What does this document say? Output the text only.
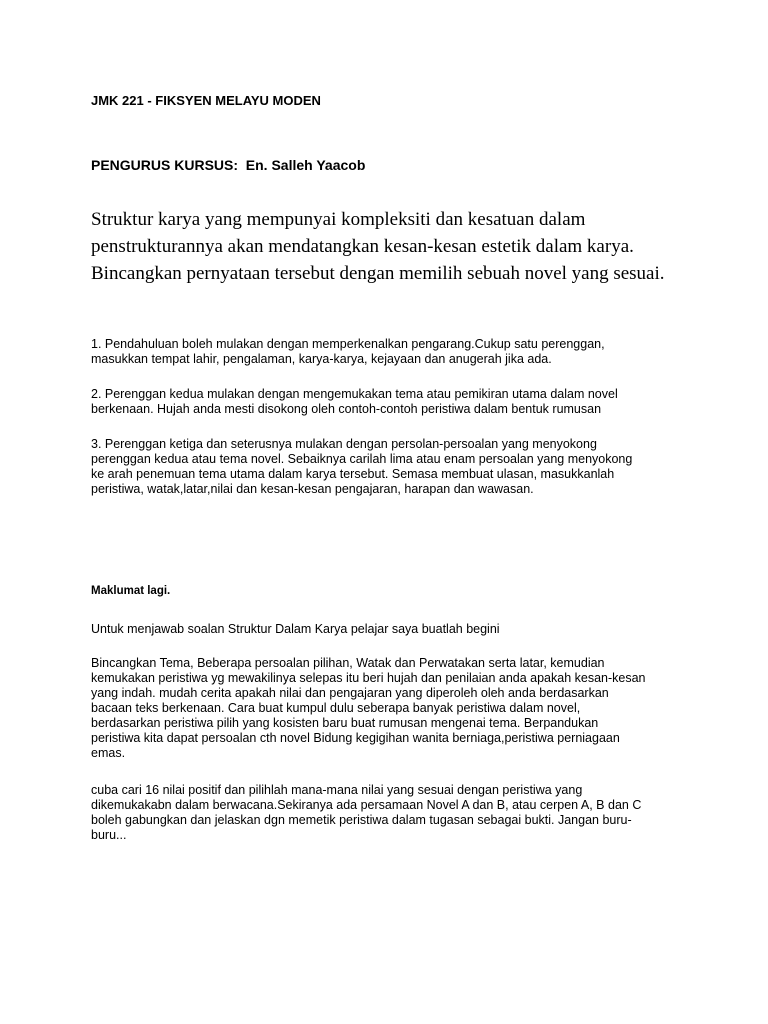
JMK 221 - FIKSYEN MELAYU MODEN
PENGURUS KURSUS:  En. Salleh Yaacob
Struktur karya yang mempunyai kompleksiti dan kesatuan dalam
penstrukturannya akan mendatangkan kesan-kesan estetik dalam karya.
Bincangkan pernyataan tersebut dengan memilih sebuah novel yang sesuai.
1. Pendahuluan boleh mulakan dengan memperkenalkan pengarang.Cukup satu perenggan,
masukkan tempat lahir, pengalaman, karya-karya, kejayaan dan anugerah jika ada.
2. Perenggan kedua mulakan dengan mengemukakan tema atau pemikiran utama dalam novel
berkenaan. Hujah anda mesti disokong oleh contoh-contoh peristiwa dalam bentuk rumusan
3. Perenggan ketiga dan seterusnya mulakan dengan persolan-persoalan yang menyokong
perenggan kedua atau tema novel. Sebaiknya carilah lima atau enam persoalan yang menyokong
ke arah penemuan tema utama dalam karya tersebut. Semasa membuat ulasan, masukkanlah
peristiwa, watak,latar,nilai dan kesan-kesan pengajaran, harapan dan wawasan.
Maklumat lagi.
Untuk menjawab soalan Struktur Dalam Karya pelajar saya buatlah begini
Bincangkan Tema, Beberapa persoalan pilihan, Watak dan Perwatakan serta latar, kemudian
kemukakan peristiwa yg mewakilinya selepas itu beri hujah dan penilaian anda apakah kesan-kesan
yang indah. mudah cerita apakah nilai dan pengajaran yang diperoleh oleh anda berdasarkan
bacaan teks berkenaan. Cara buat kumpul dulu seberapa banyak peristiwa dalam novel,
berdasarkan peristiwa pilih yang kosisten baru buat rumusan mengenai tema. Berpandukan
peristiwa kita dapat persoalan cth novel Bidung kegigihan wanita berniaga,peristiwa perniagaan
emas.
cuba cari 16 nilai positif dan pilihlah mana-mana nilai yang sesuai dengan peristiwa yang
dikemukakabn dalam berwacana.Sekiranya ada persamaan Novel A dan B, atau cerpen A, B dan C
boleh gabungkan dan jelaskan dgn memetik peristiwa dalam tugasan sebagai bukti. Jangan buru-
buru...
